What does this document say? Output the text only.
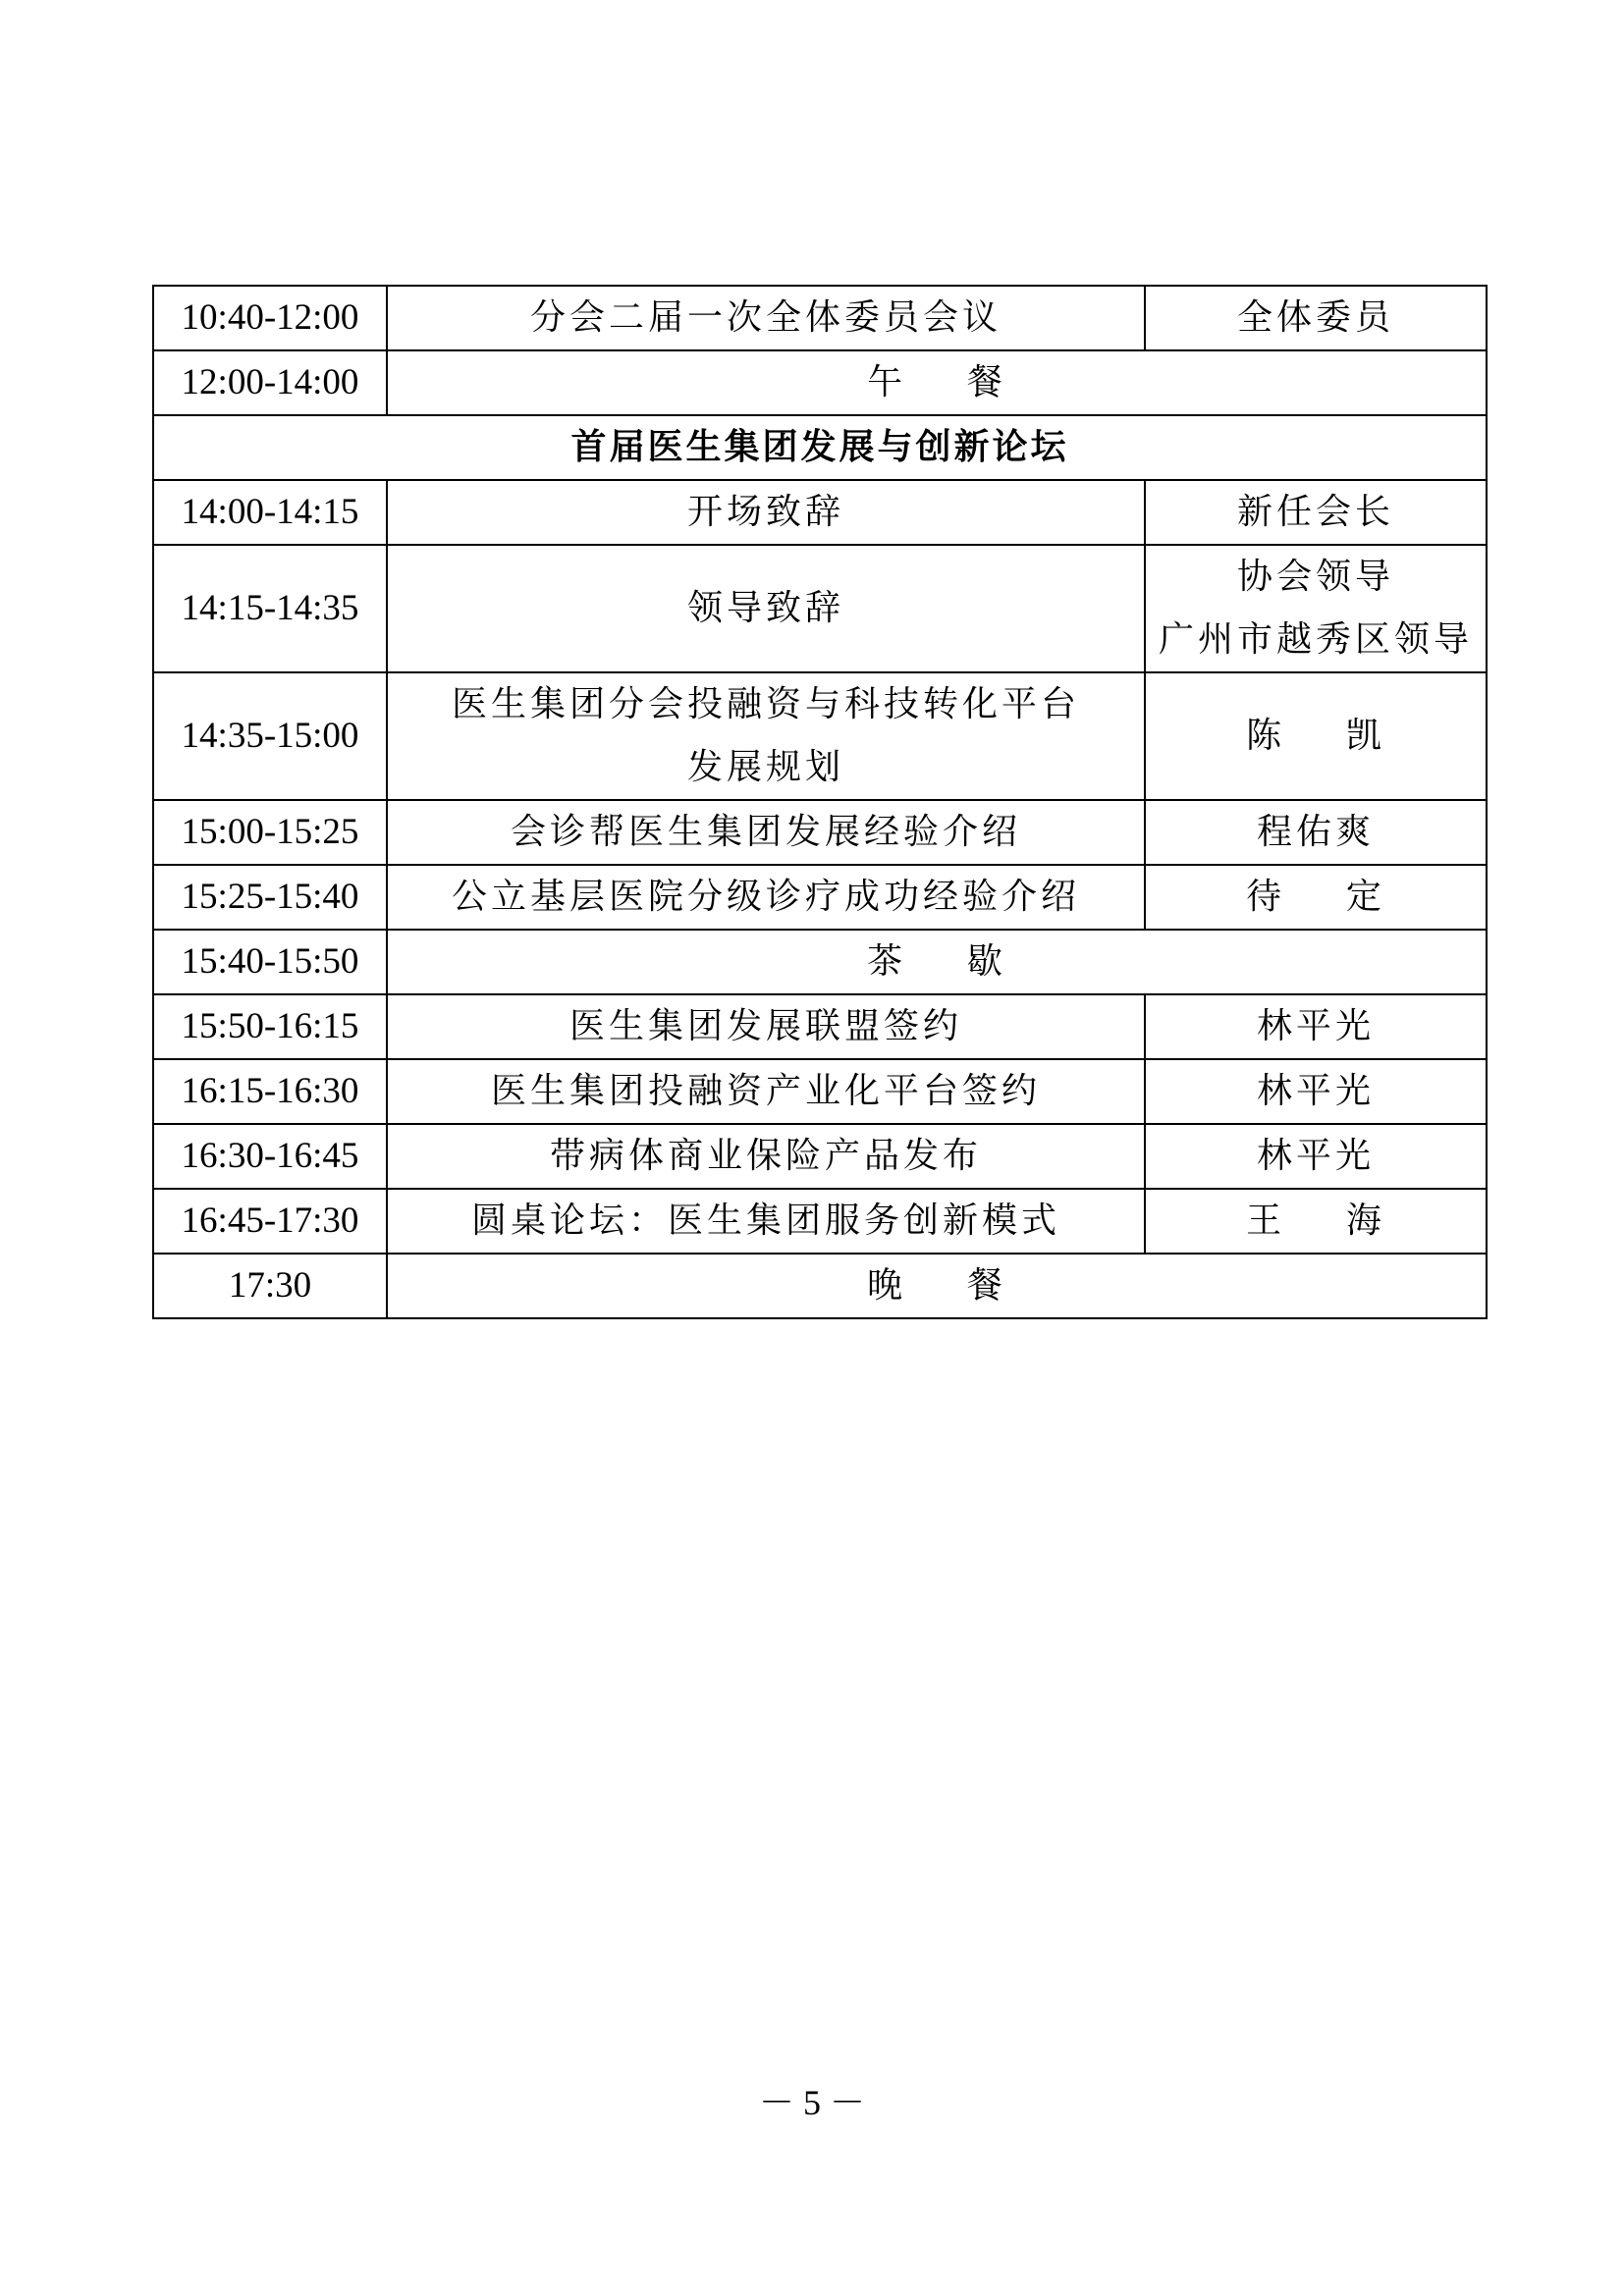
10:40-12:00	分会二届一次全体委员会议	全体委员

12:00-14:00	午    餐	
首届医生集团发展与创新论坛		
14:00-14:15	开场致辞	新任会长

14:15-14:35	领导致辞	协会领导
广州市越秀区领导

14:35-15:00	医生集团分会投融资与科技转化平台
发展规划	陈    凯

15:00-15:25	会诊帮医生集团发展经验介绍	程佑爽

15:25-15:40	公立基层医院分级诊疗成功经验介绍	待    定

15:40-15:50	茶    歇	
15:50-16:15	医生集团发展联盟签约	林平光

16:15-16:30	医生集团投融资产业化平台签约	林平光

16:30-16:45	带病体商业保险产品发布	林平光

16:45-17:30	圆桌论坛：医生集团服务创新模式	王    海

17:30	晚    餐	
－ 5 －
